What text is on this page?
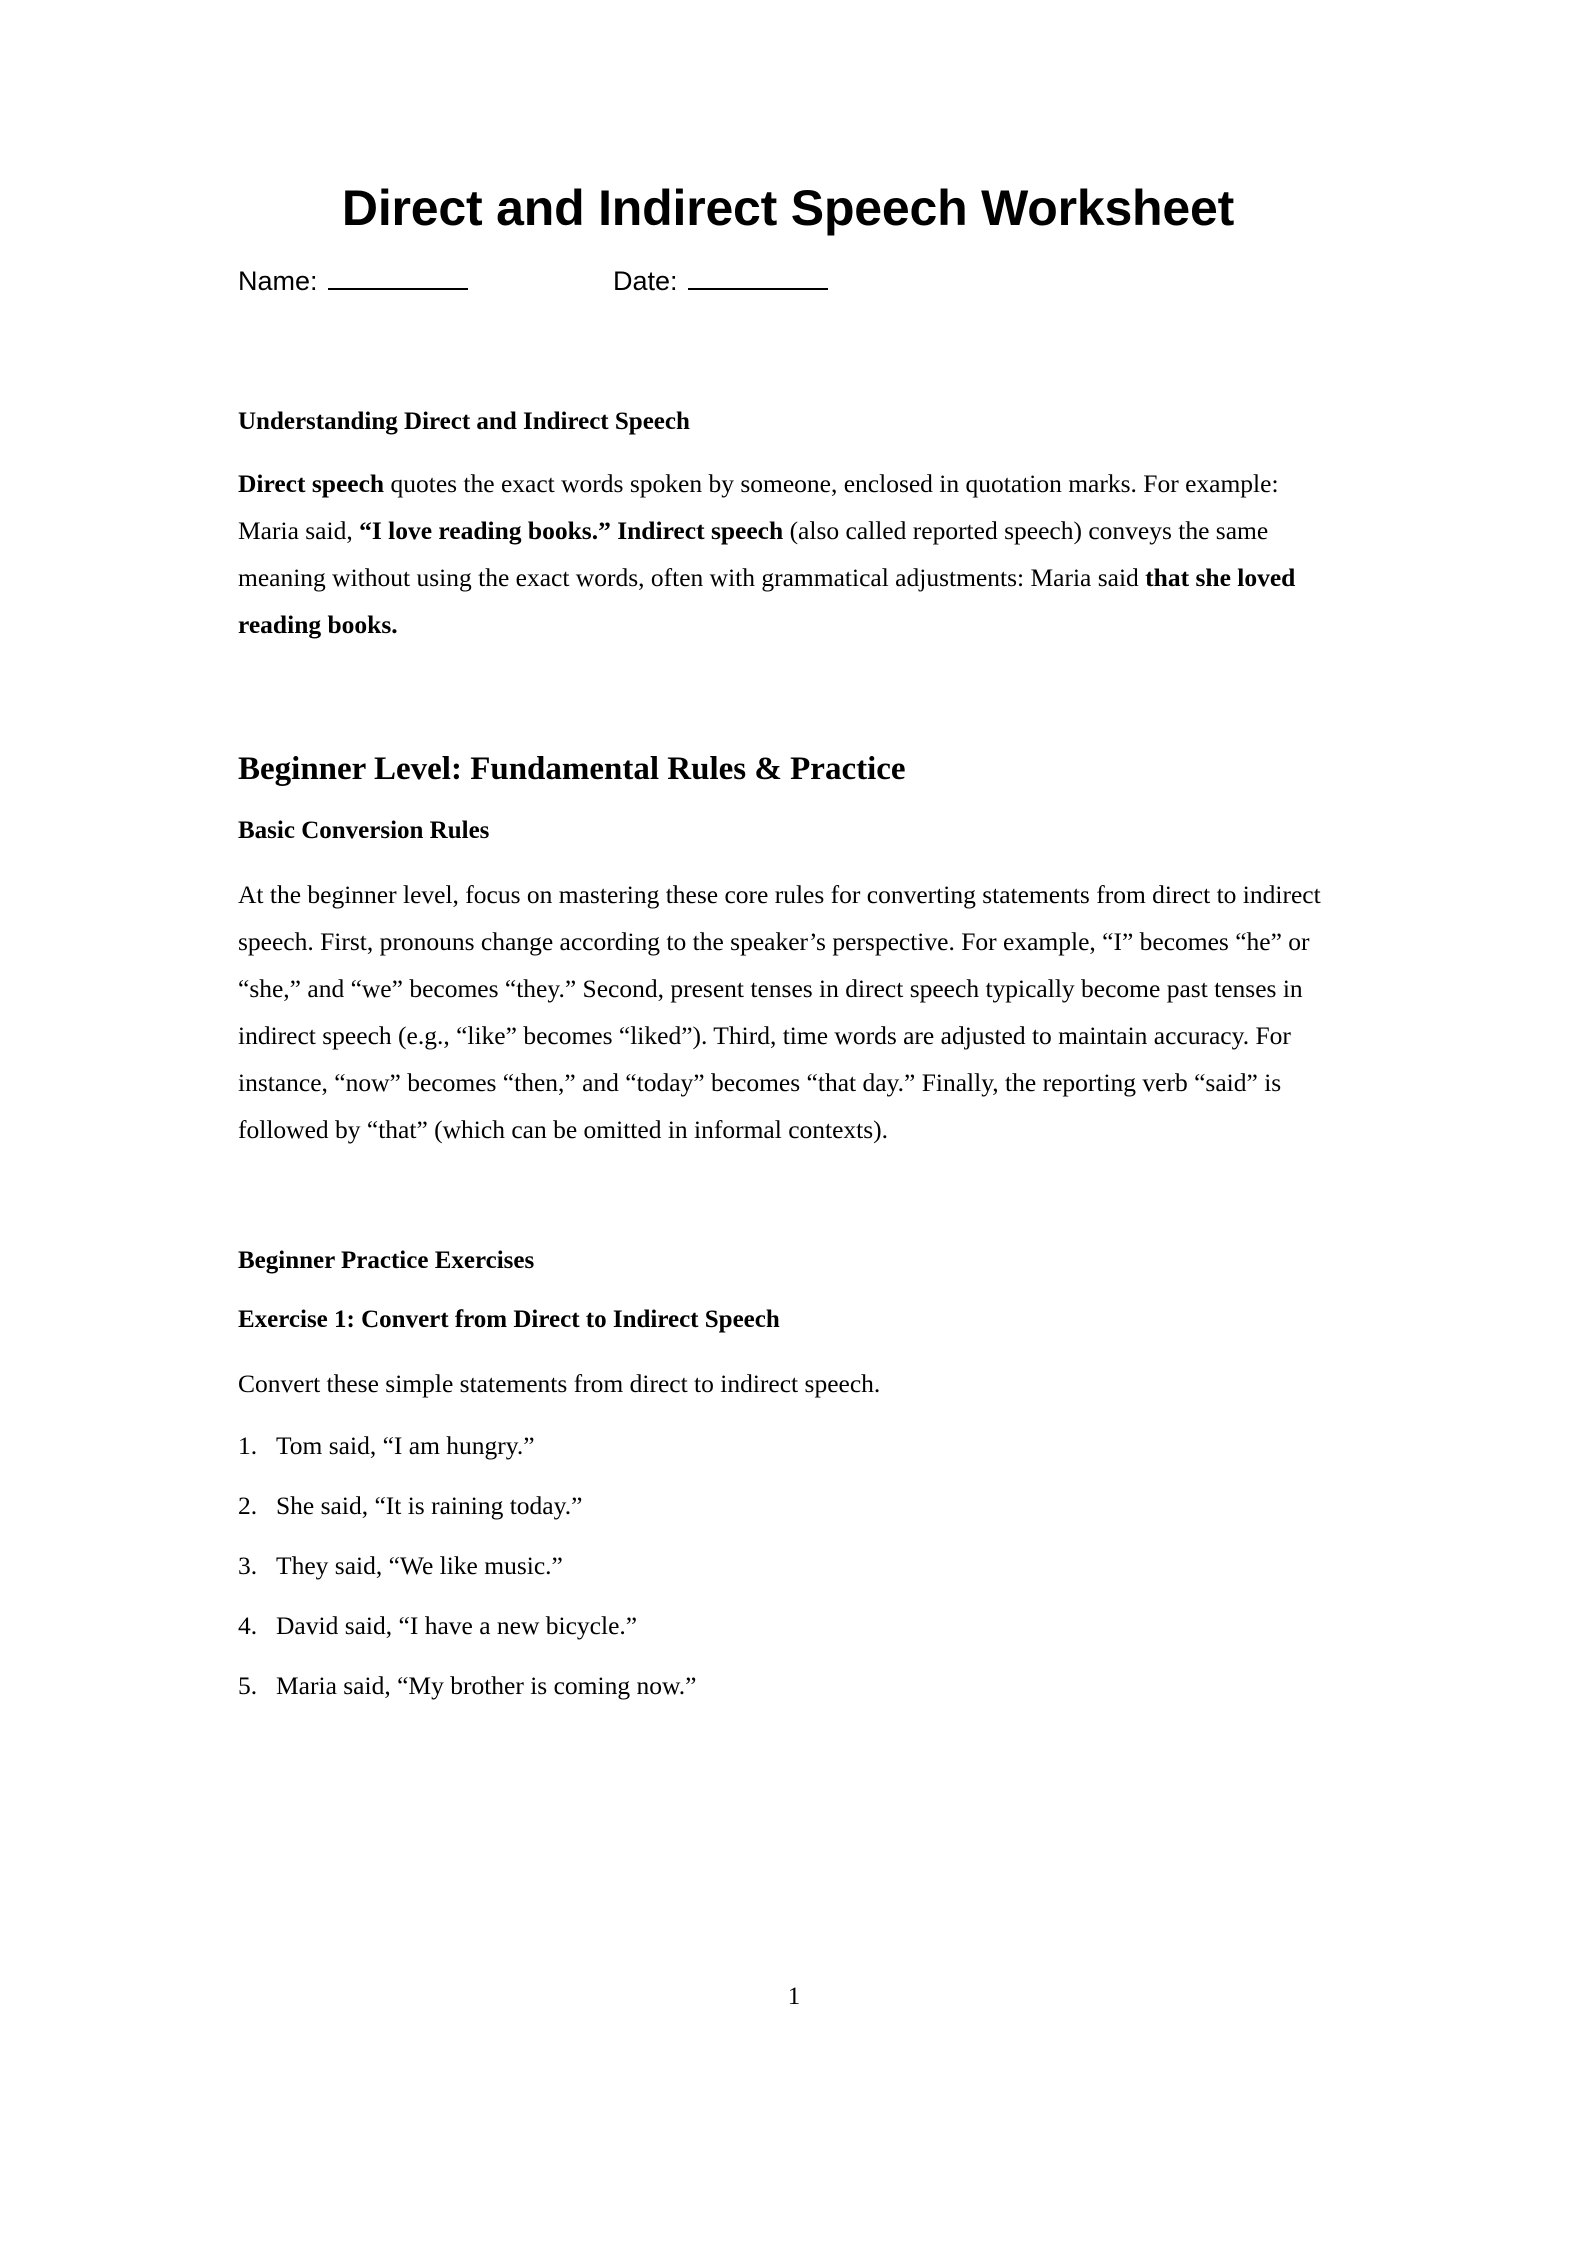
Direct and Indirect Speech Worksheet
Name:	Date:
Understanding Direct and Indirect Speech

Direct speech quotes the exact words spoken by someone, enclosed in quotation marks. For example: Maria said, “I love reading books.” Indirect speech (also called reported speech) conveys the same meaning without using the exact words, often with grammatical adjustments: Maria said that she loved reading books.

Beginner Level: Fundamental Rules & Practice
Basic Conversion Rules

At the beginner level, focus on mastering these core rules for converting statements from direct to indirect speech. First, pronouns change according to the speaker’s perspective. For example, “I” becomes “he” or “she,” and “we” becomes “they.” Second, present tenses in direct speech typically become past tenses in indirect speech (e.g., “like” becomes “liked”). Third, time words are adjusted to maintain accuracy. For instance, “now” becomes “then,” and “today” becomes “that day.” Finally, the reporting verb “said” is followed by “that” (which can be omitted in informal contexts).

Beginner Practice Exercises
Exercise 1: Convert from Direct to Indirect Speech

Convert these simple statements from direct to indirect speech.

1. Tom said, “I am hungry.”
2. She said, “It is raining today.”
3. They said, “We like music.”
4. David said, “I have a new bicycle.”
5. Maria said, “My brother is coming now.”
1
